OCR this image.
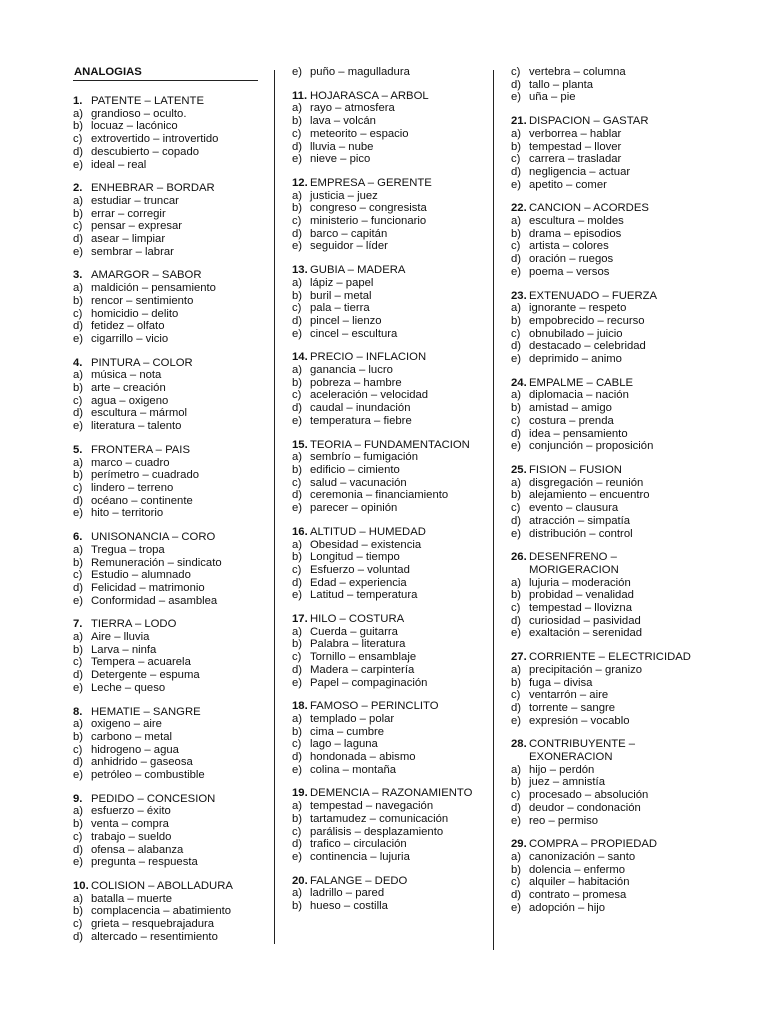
ANALOGIAS
1. PATENTE – LATENTE
a) grandioso – oculto.
b) locuaz – lacónico
c) extrovertido – introvertido
d) descubierto – copado
e) ideal – real
2. ENHEBRAR – BORDAR
a) estudiar – truncar
b) errar – corregir
c) pensar – expresar
d) asear – limpiar
e) sembrar – labrar
3. AMARGOR – SABOR
a) maldición – pensamiento
b) rencor – sentimiento
c) homicidio – delito
d) fetidez – olfato
e) cigarrillo – vicio
4. PINTURA – COLOR
a) música – nota
b) arte – creación
c) agua – oxigeno
d) escultura – mármol
e) literatura – talento
5. FRONTERA – PAIS
a) marco – cuadro
b) perímetro – cuadrado
c) lindero – terreno
d) océano – continente
e) hito – territorio
6. UNISONANCIA – CORO
a) Tregua – tropa
b) Remuneración – sindicato
c) Estudio – alumnado
d) Felicidad – matrimonio
e) Conformidad – asamblea
7. TIERRA – LODO
a) Aire – lluvia
b) Larva – ninfa
c) Tempera – acuarela
d) Detergente – espuma
e) Leche – queso
8. HEMATIE – SANGRE
a) oxigeno – aire
b) carbono – metal
c) hidrogeno – agua
d) anhidrido – gaseosa
e) petróleo – combustible
9. PEDIDO – CONCESION
a) esfuerzo – éxito
b) venta – compra
c) trabajo – sueldo
d) ofensa – alabanza
e) pregunta – respuesta
10. COLISION – ABOLLADURA
a) batalla – muerte
b) complacencia – abatimiento
c) grieta – resquebrajadura
d) altercado – resentimiento
e) puño – magulladura
11. HOJARASCA – ARBOL
a) rayo – atmosfera
b) lava – volcán
c) meteorito – espacio
d) lluvia – nube
e) nieve – pico
12. EMPRESA – GERENTE
a) justicia – juez
b) congreso – congresista
c) ministerio – funcionario
d) barco – capitán
e) seguidor – líder
13. GUBIA – MADERA
a) lápiz – papel
b) buril – metal
c) pala – tierra
d) pincel – lienzo
e) cincel – escultura
14. PRECIO – INFLACION
a) ganancia – lucro
b) pobreza – hambre
c) aceleración – velocidad
d) caudal – inundación
e) temperatura – fiebre
15. TEORIA – FUNDAMENTACION
a) sembrío – fumigación
b) edificio – cimiento
c) salud – vacunación
d) ceremonia – financiamiento
e) parecer – opinión
16. ALTITUD – HUMEDAD
a) Obesidad – existencia
b) Longitud – tiempo
c) Esfuerzo – voluntad
d) Edad – experiencia
e) Latitud – temperatura
17. HILO – COSTURA
a) Cuerda – guitarra
b) Palabra – literatura
c) Tornillo – ensamblaje
d) Madera – carpintería
e) Papel – compaginación
18. FAMOSO – PERINCLITO
a) templado – polar
b) cima – cumbre
c) lago – laguna
d) hondonada – abismo
e) colina – montaña
19. DEMENCIA – RAZONAMIENTO
a) tempestad – navegación
b) tartamudez – comunicación
c) parálisis – desplazamiento
d) trafico – circulación
e) continencia – lujuria
20. FALANGE – DEDO
a) ladrillo – pared
b) hueso – costilla
c) vertebra – columna
d) tallo – planta
e) uña – pie
21. DISPACION – GASTAR
a) verborrea – hablar
b) tempestad – llover
c) carrera – trasladar
d) negligencia – actuar
e) apetito – comer
22. CANCION – ACORDES
a) escultura – moldes
b) drama – episodios
c) artista – colores
d) oración – ruegos
e) poema – versos
23. EXTENUADO – FUERZA
a) ignorante – respeto
b) empobrecido – recurso
c) obnubilado – juicio
d) destacado – celebridad
e) deprimido – animo
24. EMPALME – CABLE
a) diplomacia – nación
b) amistad – amigo
c) costura – prenda
d) idea – pensamiento
e) conjunción – proposición
25. FISION – FUSION
a) disgregación – reunión
b) alejamiento – encuentro
c) evento – clausura
d) atracción – simpatía
e) distribución – control
26. DESENFRENO – MORIGERACION
a) lujuria – moderación
b) probidad – venalidad
c) tempestad – llovizna
d) curiosidad – pasividad
e) exaltación – serenidad
27. CORRIENTE – ELECTRICIDAD
a) precipitación – granizo
b) fuga – divisa
c) ventarrón – aire
d) torrente – sangre
e) expresión – vocablo
28. CONTRIBUYENTE – EXONERACION
a) hijo – perdón
b) juez – amnistía
c) procesado – absolución
d) deudor – condonación
e) reo – permiso
29. COMPRA – PROPIEDAD
a) canonización – santo
b) dolencia – enfermo
c) alquiler – habitación
d) contrato – promesa
e) adopción – hijo
